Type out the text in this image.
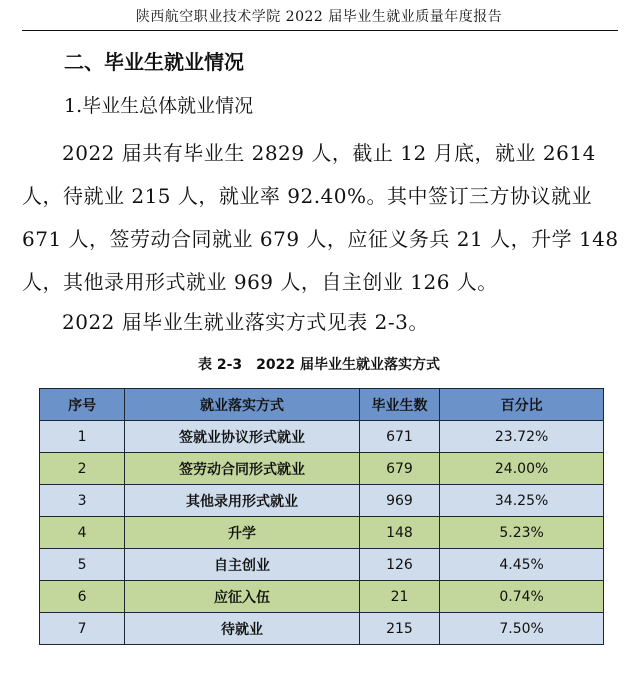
陕西航空职业技术学院 2022 届毕业生就业质量年度报告
二、毕业生就业情况
1.毕业生总体就业情况
2022 届共有毕业生 2829 人，截止 12 月底，就业 2614 人，待就业 215 人，就业率 92.40%。其中签订三方协议就业 671 人，签劳动合同就业 679 人，应征义务兵 21 人，升学 148 人，其他录用形式就业 969 人，自主创业 126 人。
2022 届毕业生就业落实方式见表 2-3。
表 2-3 2022 届毕业生就业落实方式
序号	就业落实方式	毕业生数	百分比
1	签就业协议形式就业	671	23.72%
2	签劳动合同形式就业	679	24.00%
3	其他录用形式就业	969	34.25%
4	升学	148	5.23%
5	自主创业	126	4.45%
6	应征入伍	21	0.74%
7	待就业	215	7.50%
